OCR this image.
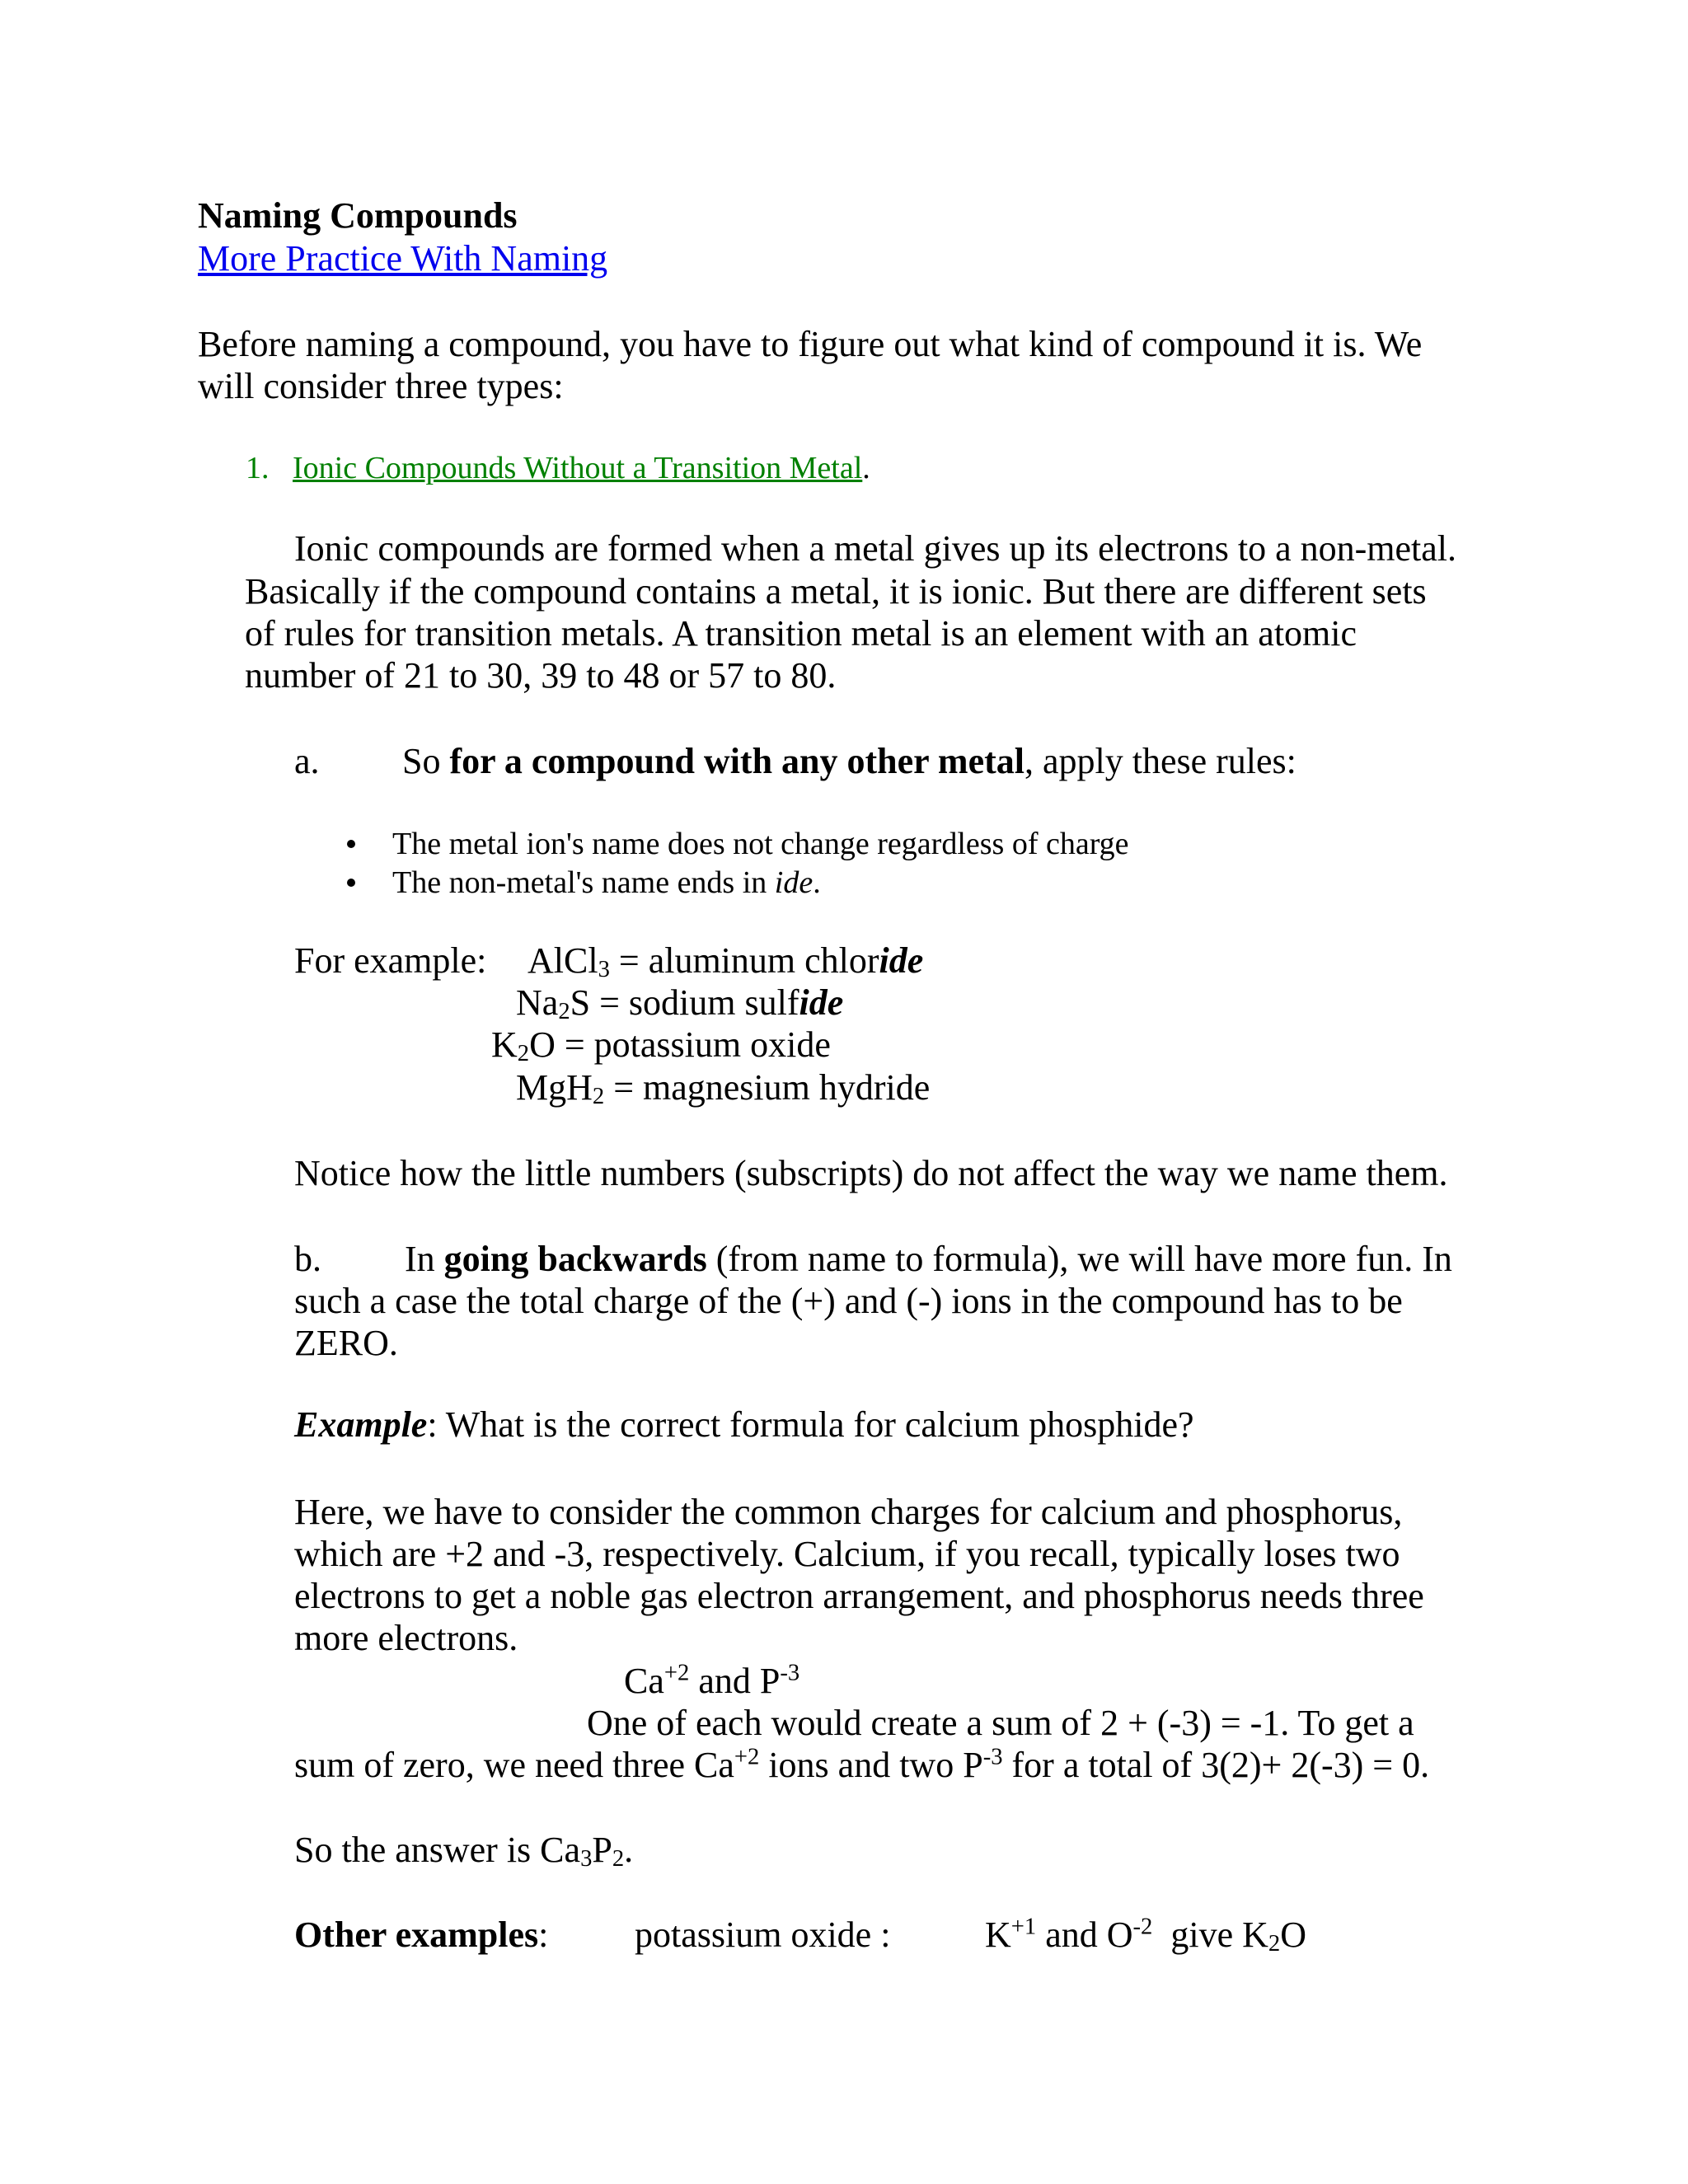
Naming Compounds
More Practice With Naming
Before naming a compound, you have to figure out what kind of compound it is. We
will consider three types:
1. Ionic Compounds Without a Transition Metal.
Ionic compounds are formed when a metal gives up its electrons to a non-metal.
Basically if the compound contains a metal, it is ionic. But there are different sets
of rules for transition metals. A transition metal is an element with an atomic
number of 21 to 30, 39 to 48 or 57 to 80.
a. So for a compound with any other metal, apply these rules:
The metal ion's name does not change regardless of charge
The non-metal's name ends in ide.
For example: AlCl$_3$ = aluminum chloride
$Na_2S$ = sodium sulfide
$K_2O$ = potassium oxide
MgH$_2$ = magnesium hydride
Notice how the little numbers (subscripts) do not affect the way we name them.
b. In going backwards (from name to formula), we will have more fun. In
such a case the total charge of the (+) and (-) ions in the compound has to be
ZERO.
Example: What is the correct formula for calcium phosphide?
Here, we have to consider the common charges for calcium and phosphorus,
which are +2 and -3, respectively. Calcium, if you recall, typically loses two
electrons to get a noble gas electron arrangement, and phosphorus needs three
more electrons.
$Ca^{+2}$ and $P^{-3}$
One of each would create a sum of 2 + (-3) = -1. To get a
sum of zero, we need three $Ca^{+2}$ ions and two $P^{-3}$ for a total of 3(2)+ 2(-3) = 0.
So the answer is $Ca_3P_2$.
Other examples: potassium oxide :	$K^{+1}$ and $O^{-2}$  give $K_2O$
